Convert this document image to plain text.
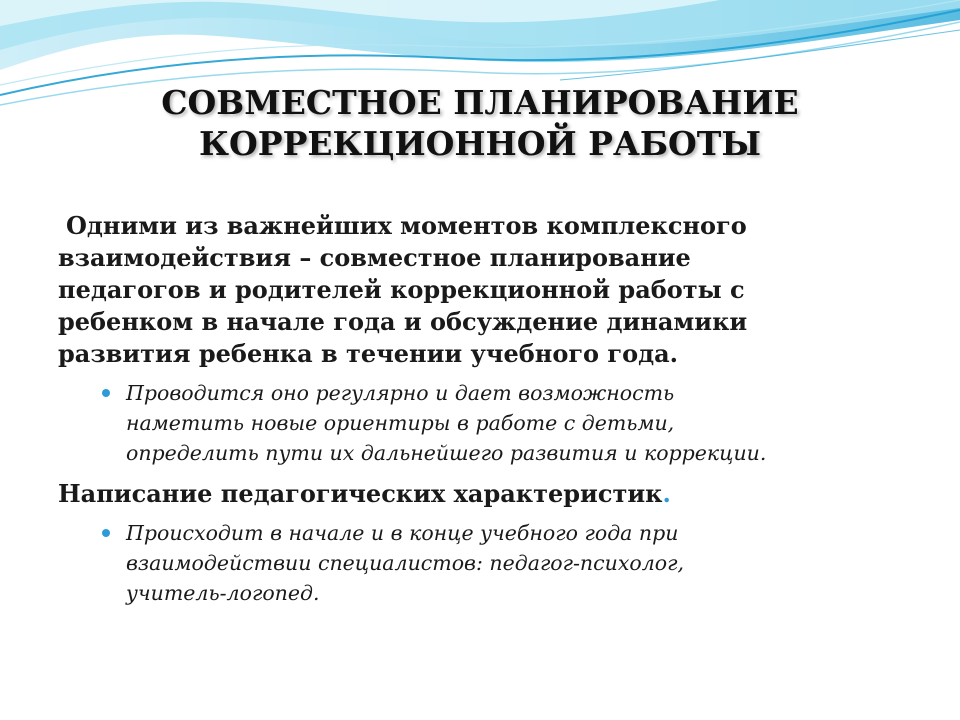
СОВМЕСТНОЕ ПЛАНИРОВАНИЕ
КОРРЕКЦИОННОЙ РАБОТЫ

Одними из важнейших моментов комплексного
взаимодействия – совместное планирование
педагогов и родителей коррекционной работы с
ребенком в начале года и обсуждение динамики
развития ребенка в течении учебного года.

Проводится оно регулярно и дает возможность
наметить новые ориентиры в работе с детьми,
определить пути их дальнейшего развития и коррекции.

Написание педагогических характеристик.

Происходит в начале и в конце учебного года при
взаимодействии специалистов: педагог-психолог,
учитель-логопед.
